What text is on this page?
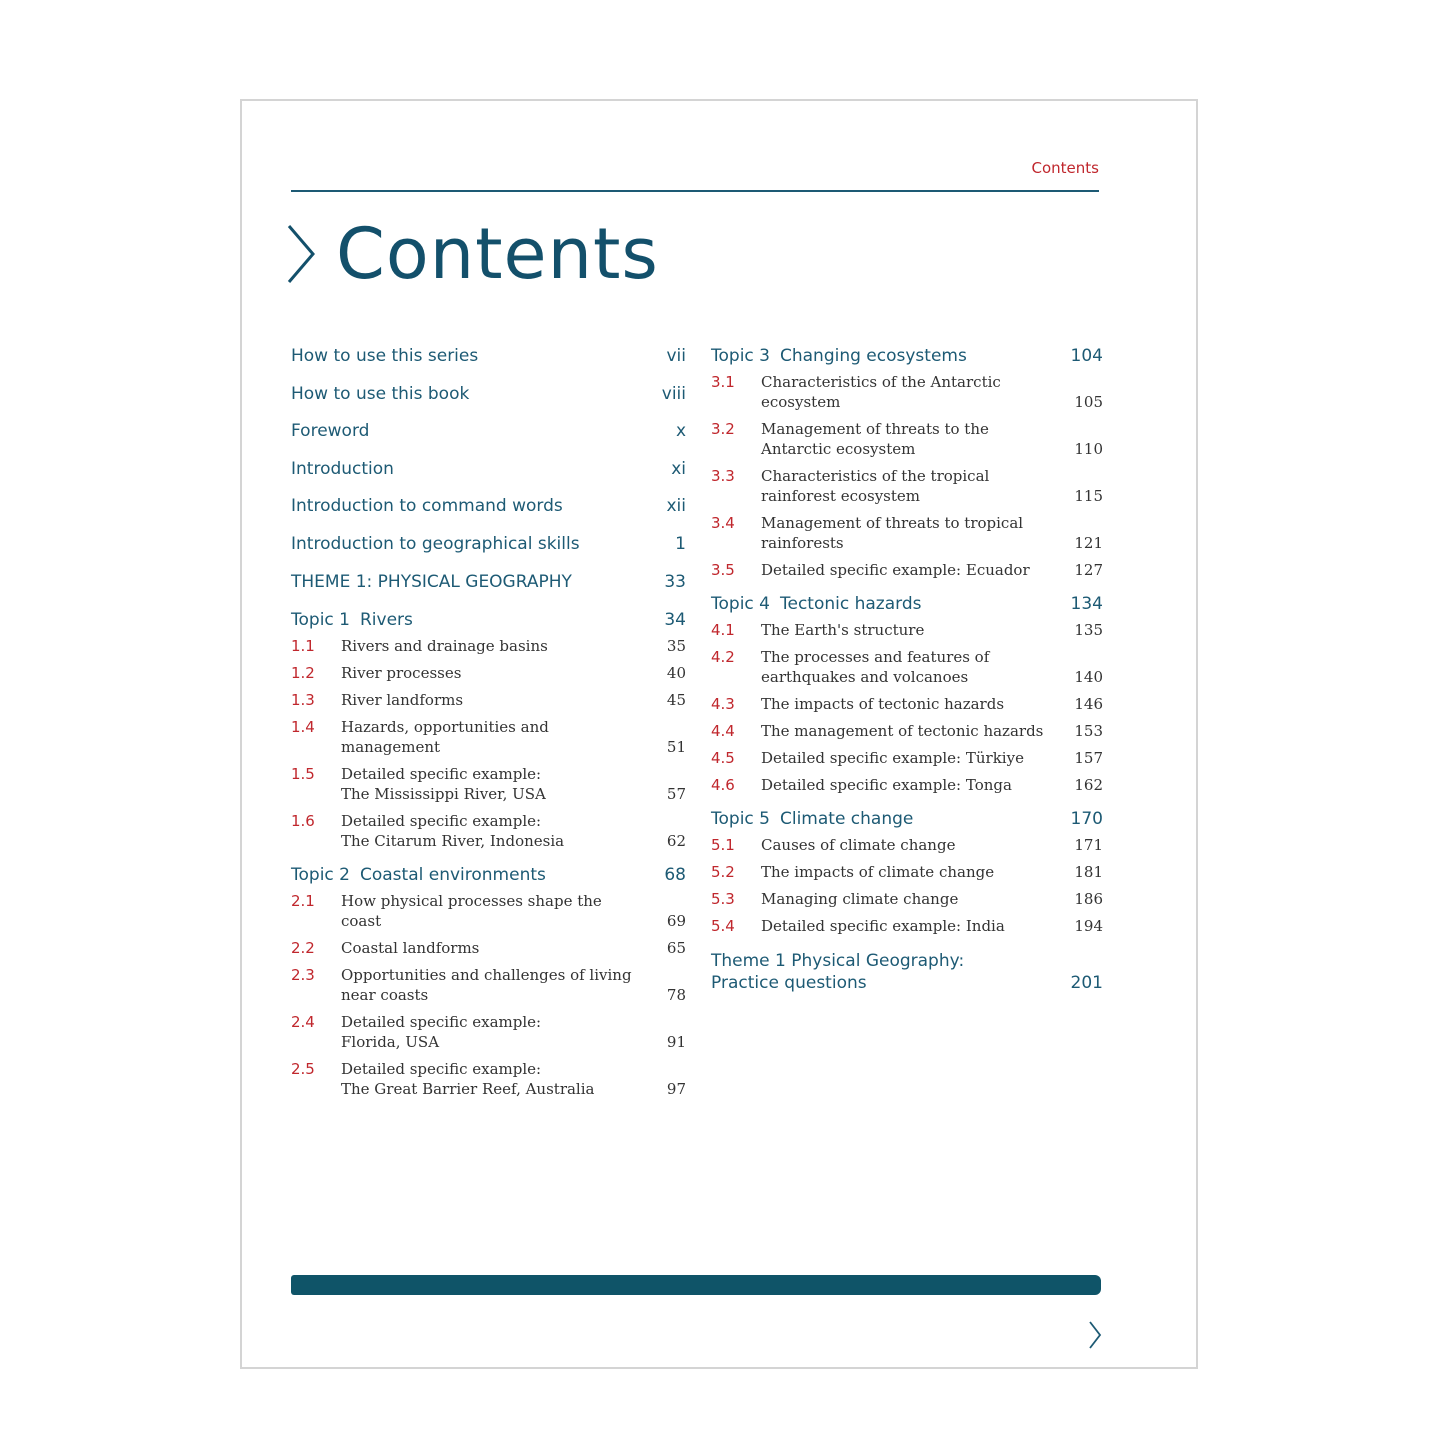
Contents
Contents
How to use this series	vii
How to use this book	viii
Foreword	x
Introduction	xi
Introduction to command words	xii
Introduction to geographical skills	1
THEME 1: PHYSICAL GEOGRAPHY	33
Topic 1 Rivers	34
1.1	Rivers and drainage basins	35
1.2	River processes	40
1.3	River landforms	45
1.4	Hazards, opportunities and
management	51
1.5	Detailed specific example:
The Mississippi River, USA	57
1.6	Detailed specific example:
The Citarum River, Indonesia	62
Topic 2 Coastal environments	68
2.1	How physical processes shape the coast	69
2.2	Coastal landforms	65
2.3	Opportunities and challenges of living
near coasts	78
2.4	Detailed specific example:
Florida, USA	91
2.5	Detailed specific example:
The Great Barrier Reef, Australia	97
Topic 3 Changing ecosystems	104
3.1	Characteristics of the Antarctic
ecosystem	105
3.2	Management of threats to the
Antarctic ecosystem	110
3.3	Characteristics of the tropical
rainforest ecosystem	115
3.4	Management of threats to tropical
rainforests	121
3.5	Detailed specific example: Ecuador	127
Topic 4 Tectonic hazards	134
4.1	The Earth's structure	135
4.2	The processes and features of
earthquakes and volcanoes	140
4.3	The impacts of tectonic hazards	146
4.4	The management of tectonic hazards	153
4.5	Detailed specific example: Türkiye	157
4.6	Detailed specific example: Tonga	162
Topic 5 Climate change	170
5.1	Causes of climate change	171
5.2	The impacts of climate change	181
5.3	Managing climate change	186
5.4	Detailed specific example: India	194
Theme 1 Physical Geography:
Practice questions	201
